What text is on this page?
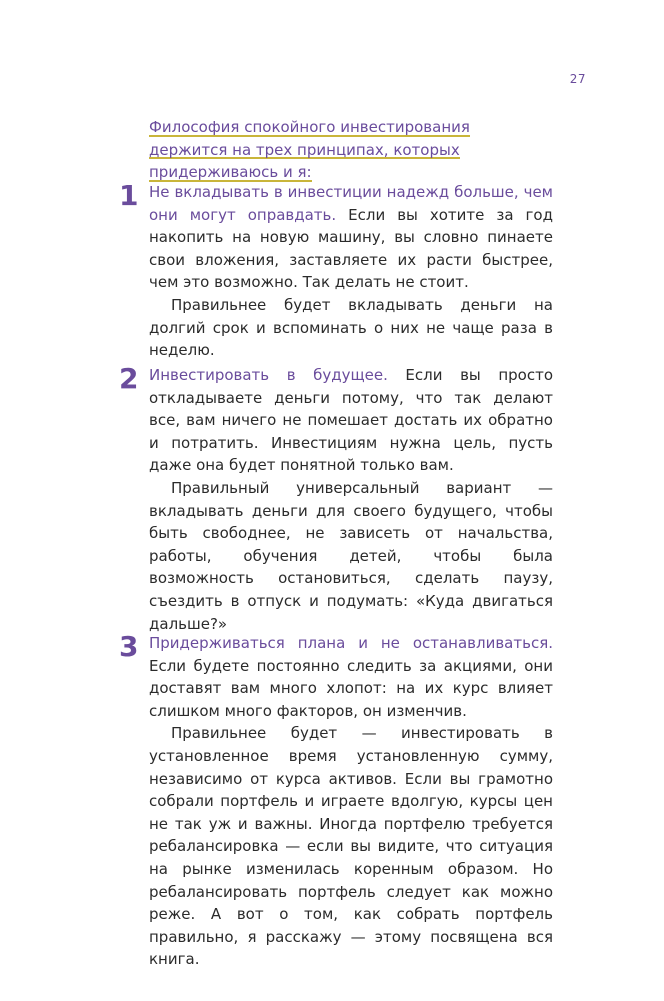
27
Философия спокойного инвестирования держится на трех принципах, которых придерживаюсь и я:
1 Не вкладывать в инвестиции надежд больше, чем они могут оправдать. Если вы хотите за год накопить на новую машину, вы словно пинаете свои вложения, заставляете их расти быстрее, чем это возможно. Так делать не стоит.

Правильнее будет вкладывать деньги на долгий срок и вспоминать о них не чаще раза в неделю.

2 Инвестировать в будущее. Если вы просто откладываете деньги потому, что так делают все, вам ничего не помешает достать их обратно и потратить. Инвестициям нужна цель, пусть даже она будет понятной только вам.

Правильный универсальный вариант — вкладывать деньги для своего будущего, чтобы быть свободнее, не зависеть от начальства, работы, обучения детей, чтобы была возможность остановиться, сделать паузу, съездить в отпуск и подумать: «Куда двигаться дальше?»

3 Придерживаться плана и не останавливаться. Если будете постоянно следить за акциями, они доставят вам много хлопот: на их курс влияет слишком много факторов, он изменчив.

Правильнее будет — инвестировать в установленное время установленную сумму, независимо от курса активов. Если вы грамотно собрали портфель и играете вдолгую, курсы цен не так уж и важны. Иногда портфелю требуется ребалансировка — если вы видите, что ситуация на рынке изменилась коренным образом. Но ребалансировать портфель следует как можно реже. А вот о том, как собрать портфель правильно, я расскажу — этому посвящена вся книга.
